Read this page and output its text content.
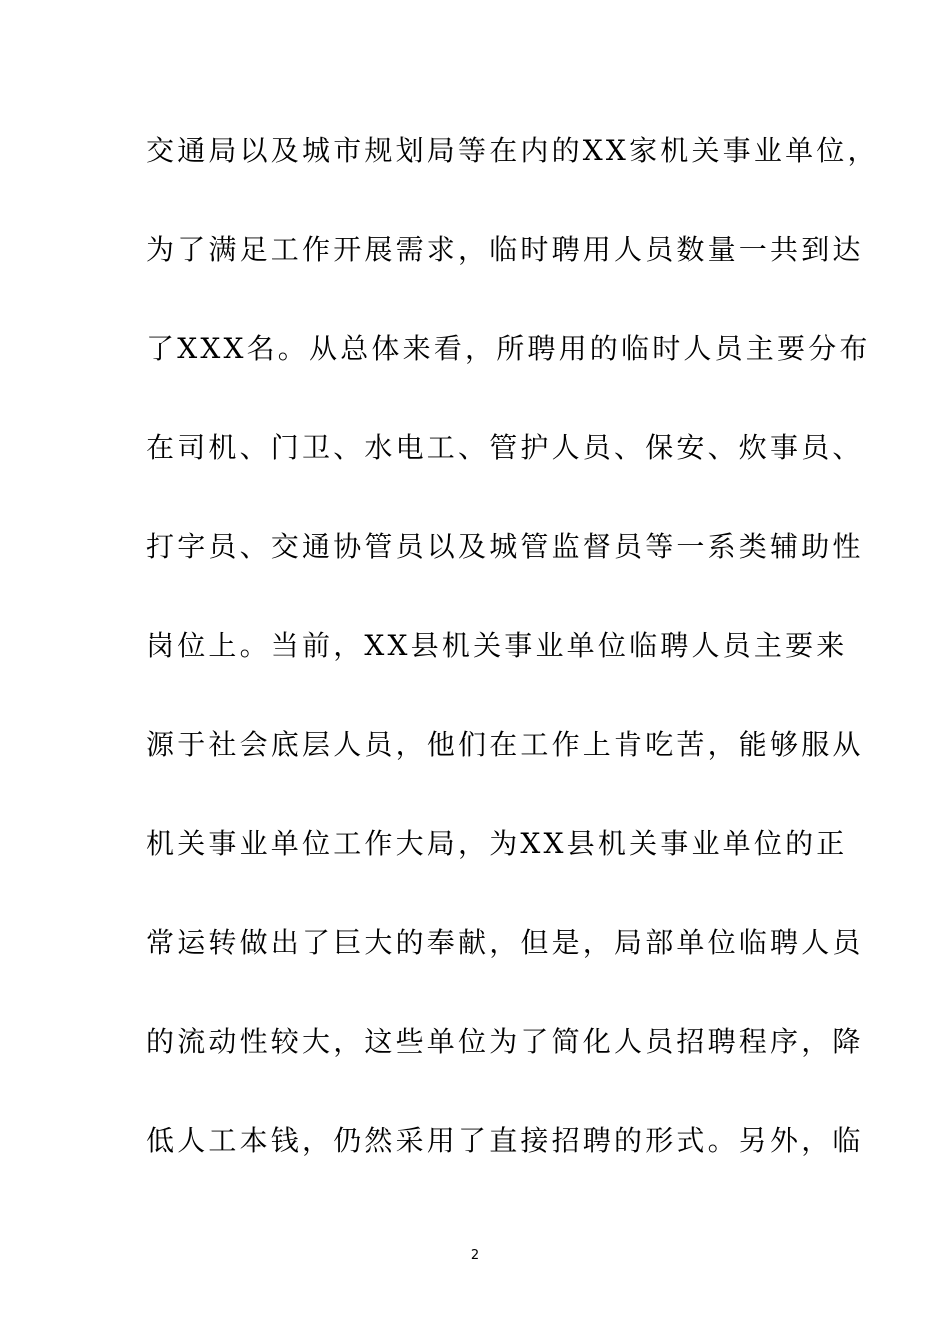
交通局以及城市规划局等在内的XX家机关事业单位，
为了满足工作开展需求，临时聘用人员数量一共到达
了XXX名。从总体来看，所聘用的临时人员主要分布
在司机、门卫、水电工、管护人员、保安、炊事员、
打字员、交通协管员以及城管监督员等一系类辅助性
岗位上。当前，XX县机关事业单位临聘人员主要来
源于社会底层人员，他们在工作上肯吃苦，能够服从
机关事业单位工作大局，为XX县机关事业单位的正
常运转做出了巨大的奉献，但是，局部单位临聘人员
的流动性较大，这些单位为了简化人员招聘程序，降
低人工本钱，仍然采用了直接招聘的形式。另外，临
2
